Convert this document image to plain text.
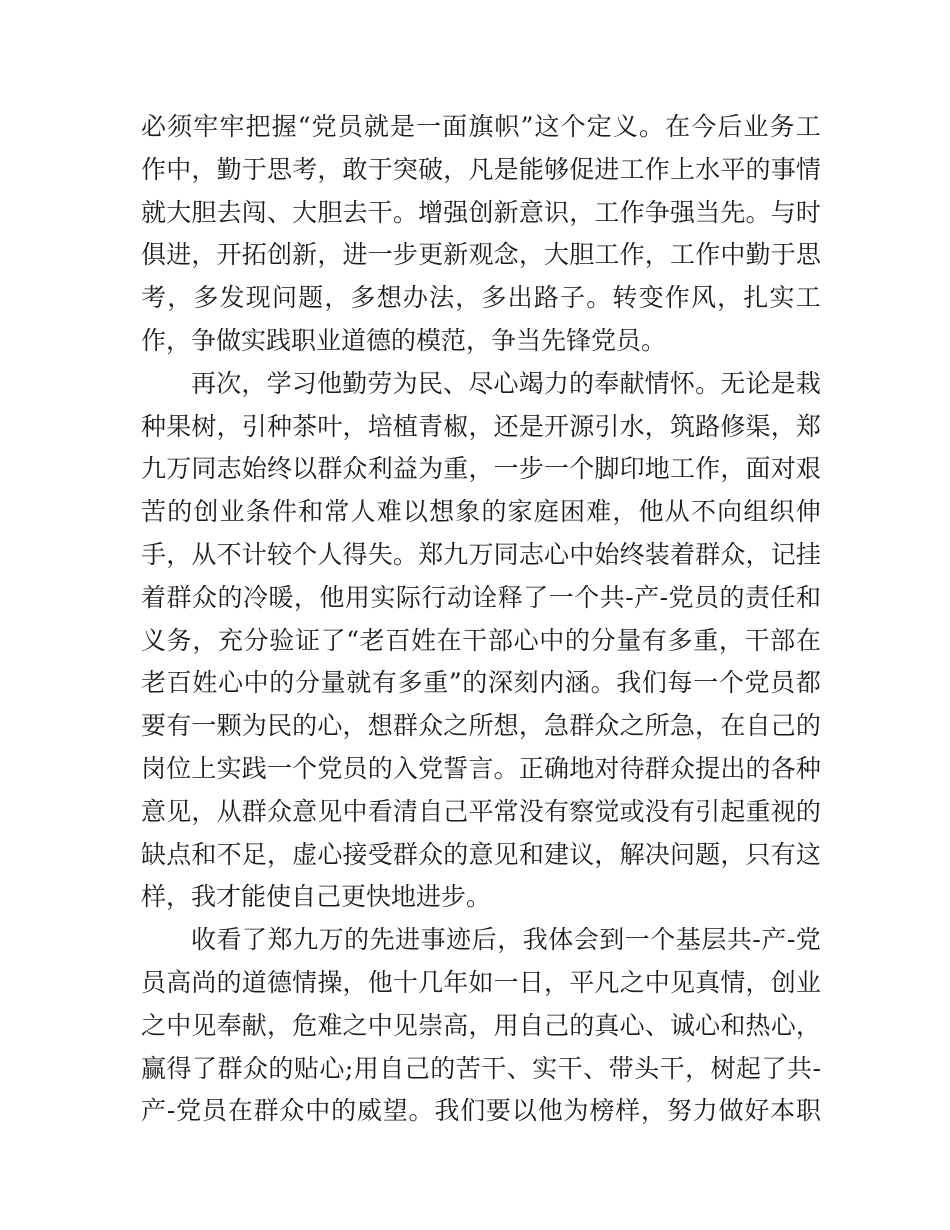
必 须 牢 牢 把 握 “ 党 员 就 是 一 面 旗 帜 ” 这 个 定 义 。 在 今 后 业 务 工
作 中 ， 勤 于 思 考 ， 敢 于 突 破 ， 凡 是 能 够 促 进 工 作 上 水 平 的 事 情
就 大 胆 去 闯 、 大 胆 去 干 。 增 强 创 新 意 识 ， 工 作 争 强 当 先 。 与 时
俱 进 ， 开 拓 创 新 ， 进 一 步 更 新 观 念 ， 大 胆 工 作 ， 工 作 中 勤 于 思
考 ， 多 发 现 问 题 ， 多 想 办 法 ， 多 出 路 子 。 转 变 作 风 ， 扎 实 工
作，争做实践职业道德的模范，争当先锋党员。
再 次 ， 学 习 他 勤 劳 为 民 、 尽 心 竭 力 的 奉 献 情 怀 。 无 论 是 栽
种 果 树 ， 引 种 茶 叶 ， 培 植 青 椒 ， 还 是 开 源 引 水 ， 筑 路 修 渠 ， 郑
九 万 同 志 始 终 以 群 众 利 益 为 重 ， 一 步 一 个 脚 印 地 工 作 ， 面 对 艰
苦 的 创 业 条 件 和 常 人 难 以 想 象 的 家 庭 困 难 ， 他 从 不 向 组 织 伸
手 ， 从 不 计 较 个 人 得 失 。 郑 九 万 同 志 心 中 始 终 装 着 群 众 ， 记 挂
着 群 众 的 冷 暖 ， 他 用 实 际 行 动 诠 释 了 一 个 共 - 产 - 党 员 的 责 任 和
义 务 ， 充 分 验 证 了 “ 老 百 姓 在 干 部 心 中 的 分 量 有 多 重 ， 干 部 在
老 百 姓 心 中 的 分 量 就 有 多 重 ” 的 深 刻 内 涵 。 我 们 每 一 个 党 员 都
要 有 一 颗 为 民 的 心 ， 想 群 众 之 所 想 ， 急 群 众 之 所 急 ， 在 自 己 的
岗 位 上 实 践 一 个 党 员 的 入 党 誓 言 。 正 确 地 对 待 群 众 提 出 的 各 种
意 见 ， 从 群 众 意 见 中 看 清 自 己 平 常 没 有 察 觉 或 没 有 引 起 重 视 的
缺 点 和 不 足 ， 虚 心 接 受 群 众 的 意 见 和 建 议 ， 解 决 问 题 ， 只 有 这
样，我才能使自己更快地进步。
收 看 了 郑 九 万 的 先 进 事 迹 后 ， 我 体 会 到 一 个 基 层 共 - 产 - 党
员 高 尚 的 道 德 情 操 ， 他 十 几 年 如 一 日 ， 平 凡 之 中 见 真 情 ， 创 业
之 中 见 奉 献 ， 危 难 之 中 见 崇 高 ， 用 自 己 的 真 心 、 诚 心 和 热 心 ，
赢 得 了 群 众 的 贴 心 ; 用 自 己 的 苦 干 、 实 干 、 带 头 干 ， 树 起 了 共 -
产 - 党 员 在 群 众 中 的 威 望 。 我 们 要 以 他 为 榜 样 ， 努 力 做 好 本 职
